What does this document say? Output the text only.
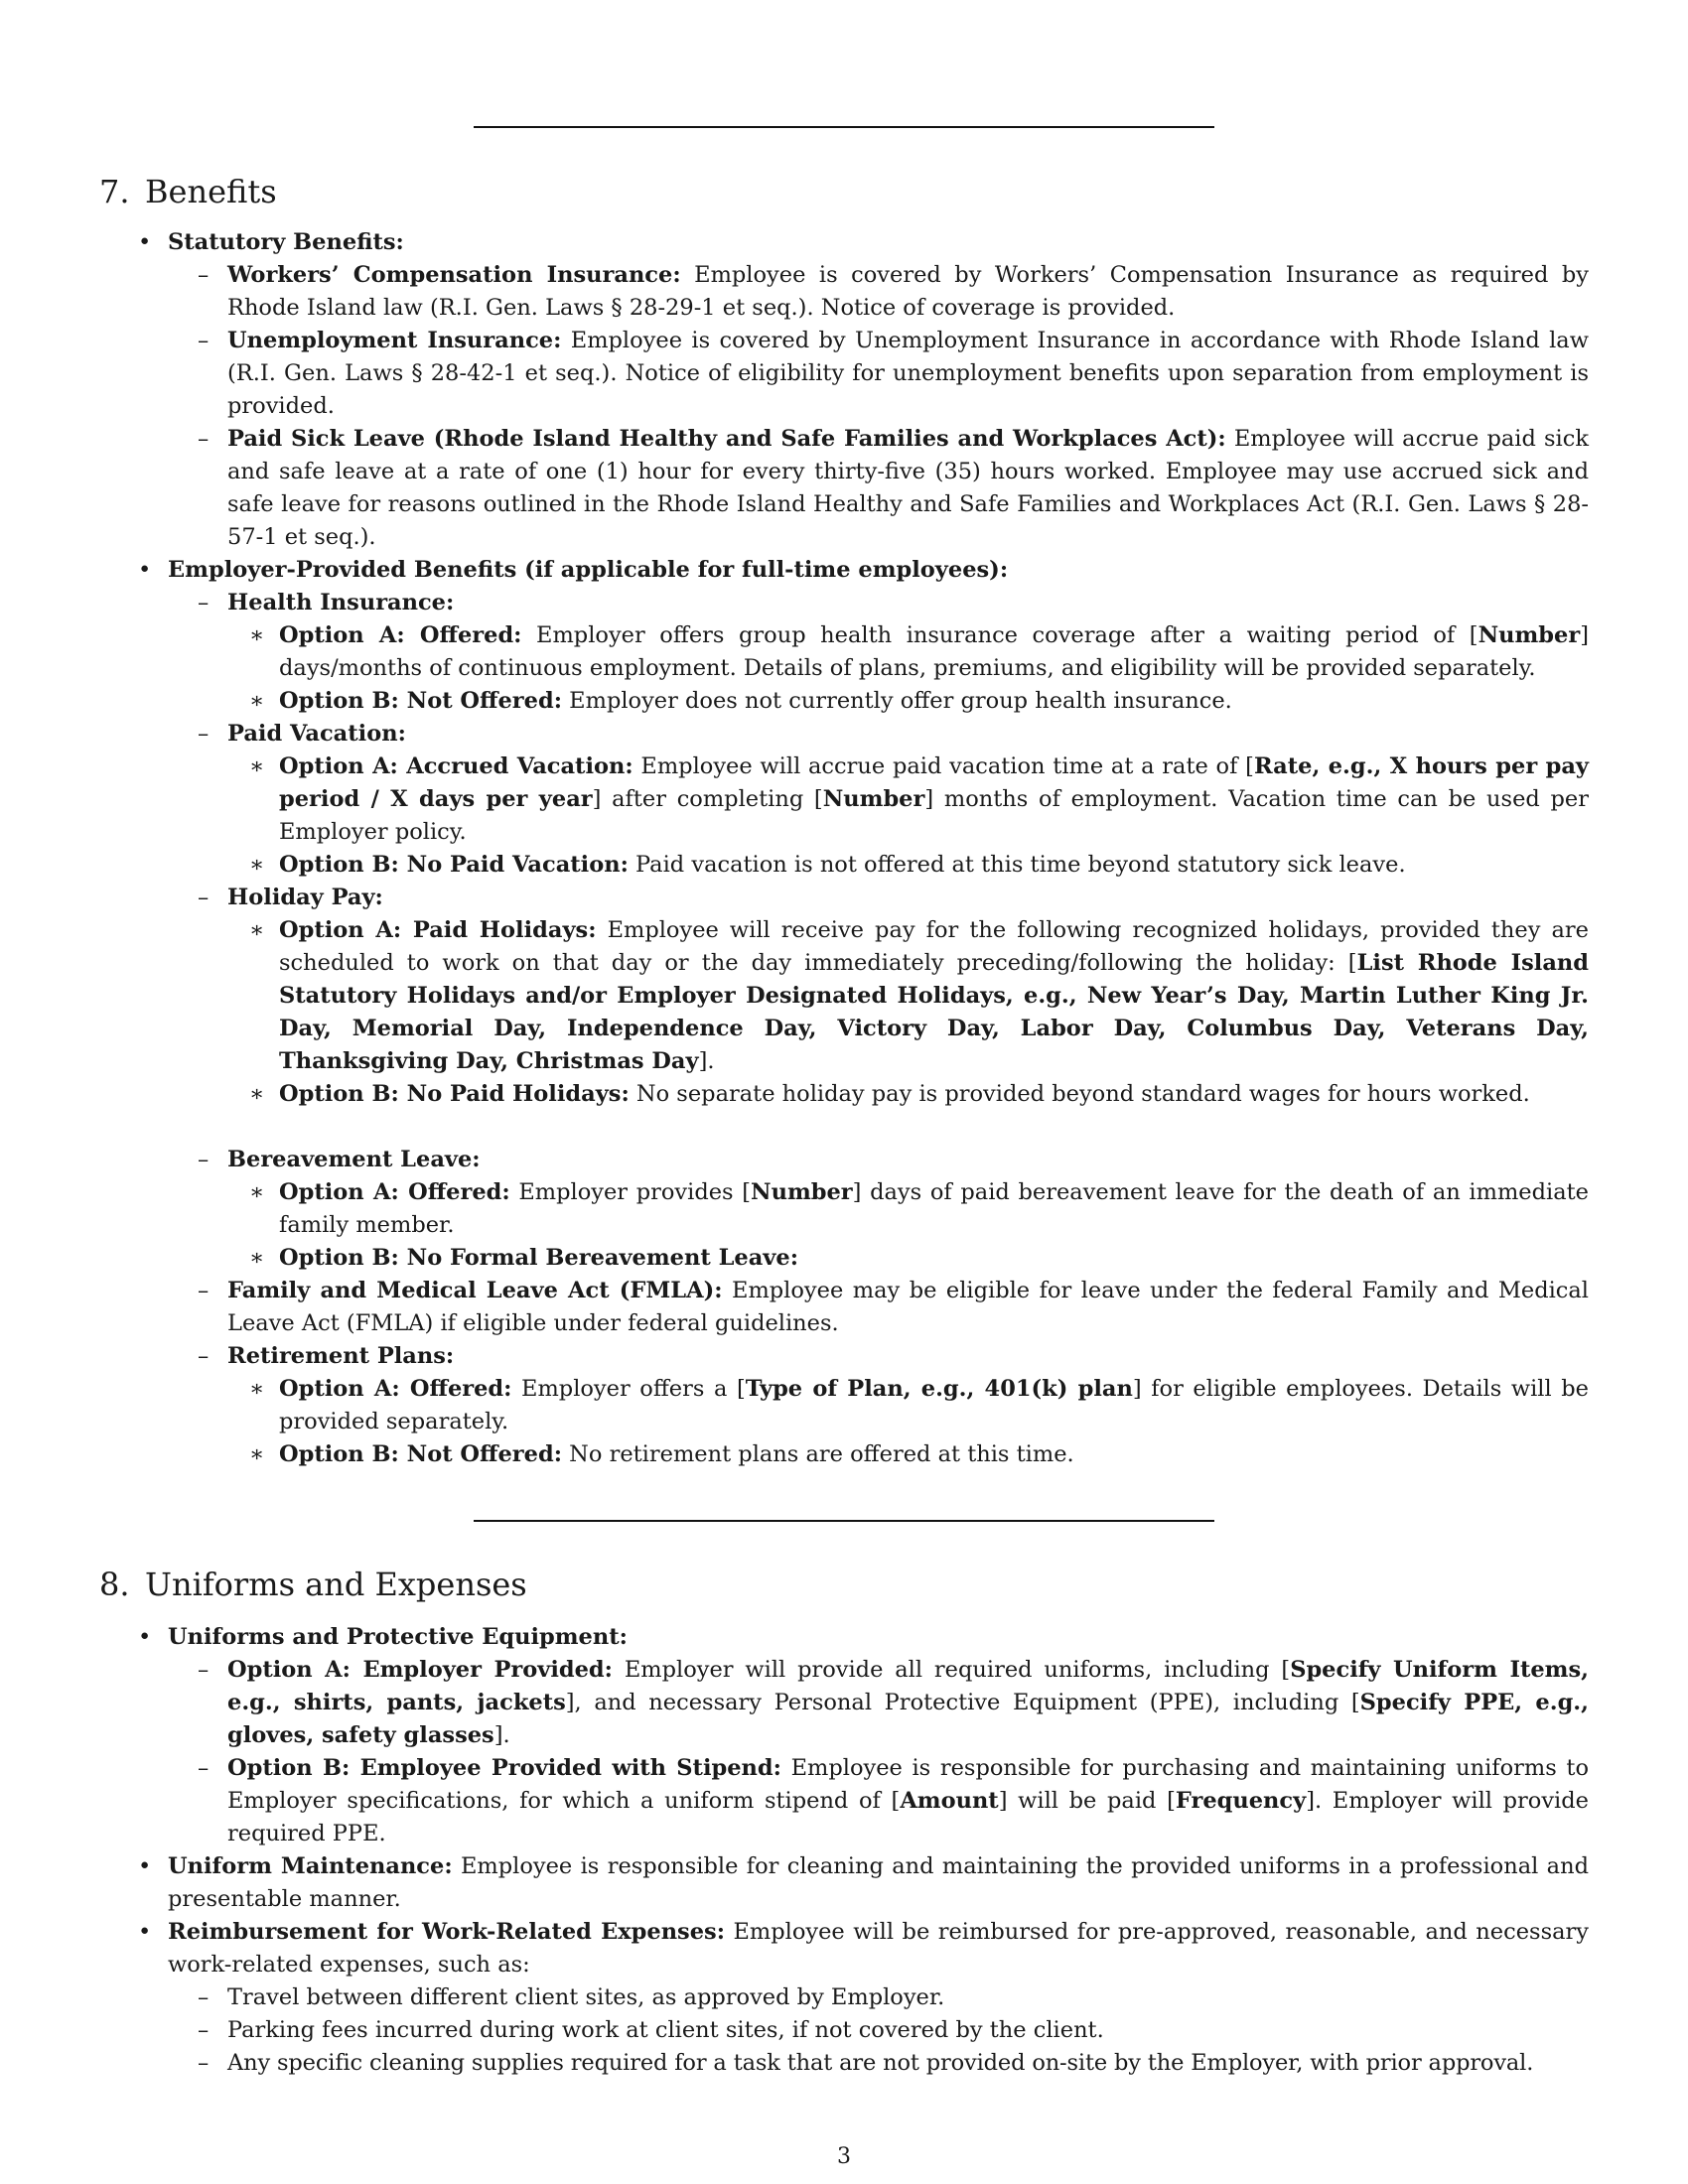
7. Benefits
•
–
–
–
•
–
∗
∗
–
∗
∗
–
∗
∗
–
∗
∗
–
–
∗
∗
Statutory Benefits:
Workers’ Compensation Insurance: Employee is covered by Workers’ Compensation Insurance as required by Rhode Island law (R.I. Gen. Laws § 28-29-1 et seq.). Notice of coverage is provided.
Unemployment Insurance: Employee is covered by Unemployment Insurance in accordance with Rhode Island law (R.I. Gen. Laws § 28-42-1 et seq.). Notice of eligibility for unemployment benefits upon separation from employment is provided.
Paid Sick Leave (Rhode Island Healthy and Safe Families and Workplaces Act): Employee will accrue paid sick and safe leave at a rate of one (1) hour for every thirty-five (35) hours worked. Employee may use accrued sick and safe leave for reasons outlined in the Rhode Island Healthy and Safe Families and Workplaces Act (R.I. Gen. Laws § 28-57-1 et seq.).
Employer-Provided Benefits (if applicable for full-time employees):
Health Insurance:
Option A: Offered: Employer offers group health insurance coverage after a waiting period of [Number] days/months of continuous employment. Details of plans, premiums, and eligibility will be provided separately.
Option B: Not Offered: Employer does not currently offer group health insurance.
Paid Vacation:
Option A: Accrued Vacation: Employee will accrue paid vacation time at a rate of [Rate, e.g., X hours per pay period / X days per year] after completing [Number] months of employment. Vacation time can be used per Employer policy.
Option B: No Paid Vacation: Paid vacation is not offered at this time beyond statutory sick leave.
Holiday Pay:
Option A: Paid Holidays: Employee will receive pay for the following recognized holidays, provided they are scheduled to work on that day or the day immediately preceding/following the holiday: [List Rhode Island Statutory Holidays and/or Employer Designated Holidays, e.g., New Year’s Day, Martin Luther King Jr. Day, Memorial Day, Independence Day, Victory Day, Labor Day, Columbus Day, Veterans Day, Thanksgiving Day, Christmas Day].
Option B: No Paid Holidays: No separate holiday pay is provided beyond standard wages for hours worked.
Bereavement Leave:
Option A: Offered: Employer provides [Number] days of paid bereavement leave for the death of an immediate family member.
Option B: No Formal Bereavement Leave:
Family and Medical Leave Act (FMLA): Employee may be eligible for leave under the federal Family and Medical Leave Act (FMLA) if eligible under federal guidelines.
Retirement Plans:
Option A: Offered: Employer offers a [Type of Plan, e.g., 401(k) plan] for eligible employees. Details will be provided separately.
Option B: Not Offered: No retirement plans are offered at this time.
8. Uniforms and Expenses
•
–
–
•
•
–
–
–
Uniforms and Protective Equipment:
Option A: Employer Provided: Employer will provide all required uniforms, including [Specify Uniform Items, e.g., shirts, pants, jackets], and necessary Personal Protective Equipment (PPE), including [Specify PPE, e.g., gloves, safety glasses].
Option B: Employee Provided with Stipend: Employee is responsible for purchasing and maintaining uniforms to Employer specifications, for which a uniform stipend of [Amount] will be paid [Frequency]. Employer will provide required PPE.
Uniform Maintenance: Employee is responsible for cleaning and maintaining the provided uniforms in a professional and presentable manner.
Reimbursement for Work-Related Expenses: Employee will be reimbursed for pre-approved, reasonable, and necessary work-related expenses, such as:
Travel between different client sites, as approved by Employer.
Parking fees incurred during work at client sites, if not covered by the client.
Any specific cleaning supplies required for a task that are not provided on-site by the Employer, with prior approval.
3
